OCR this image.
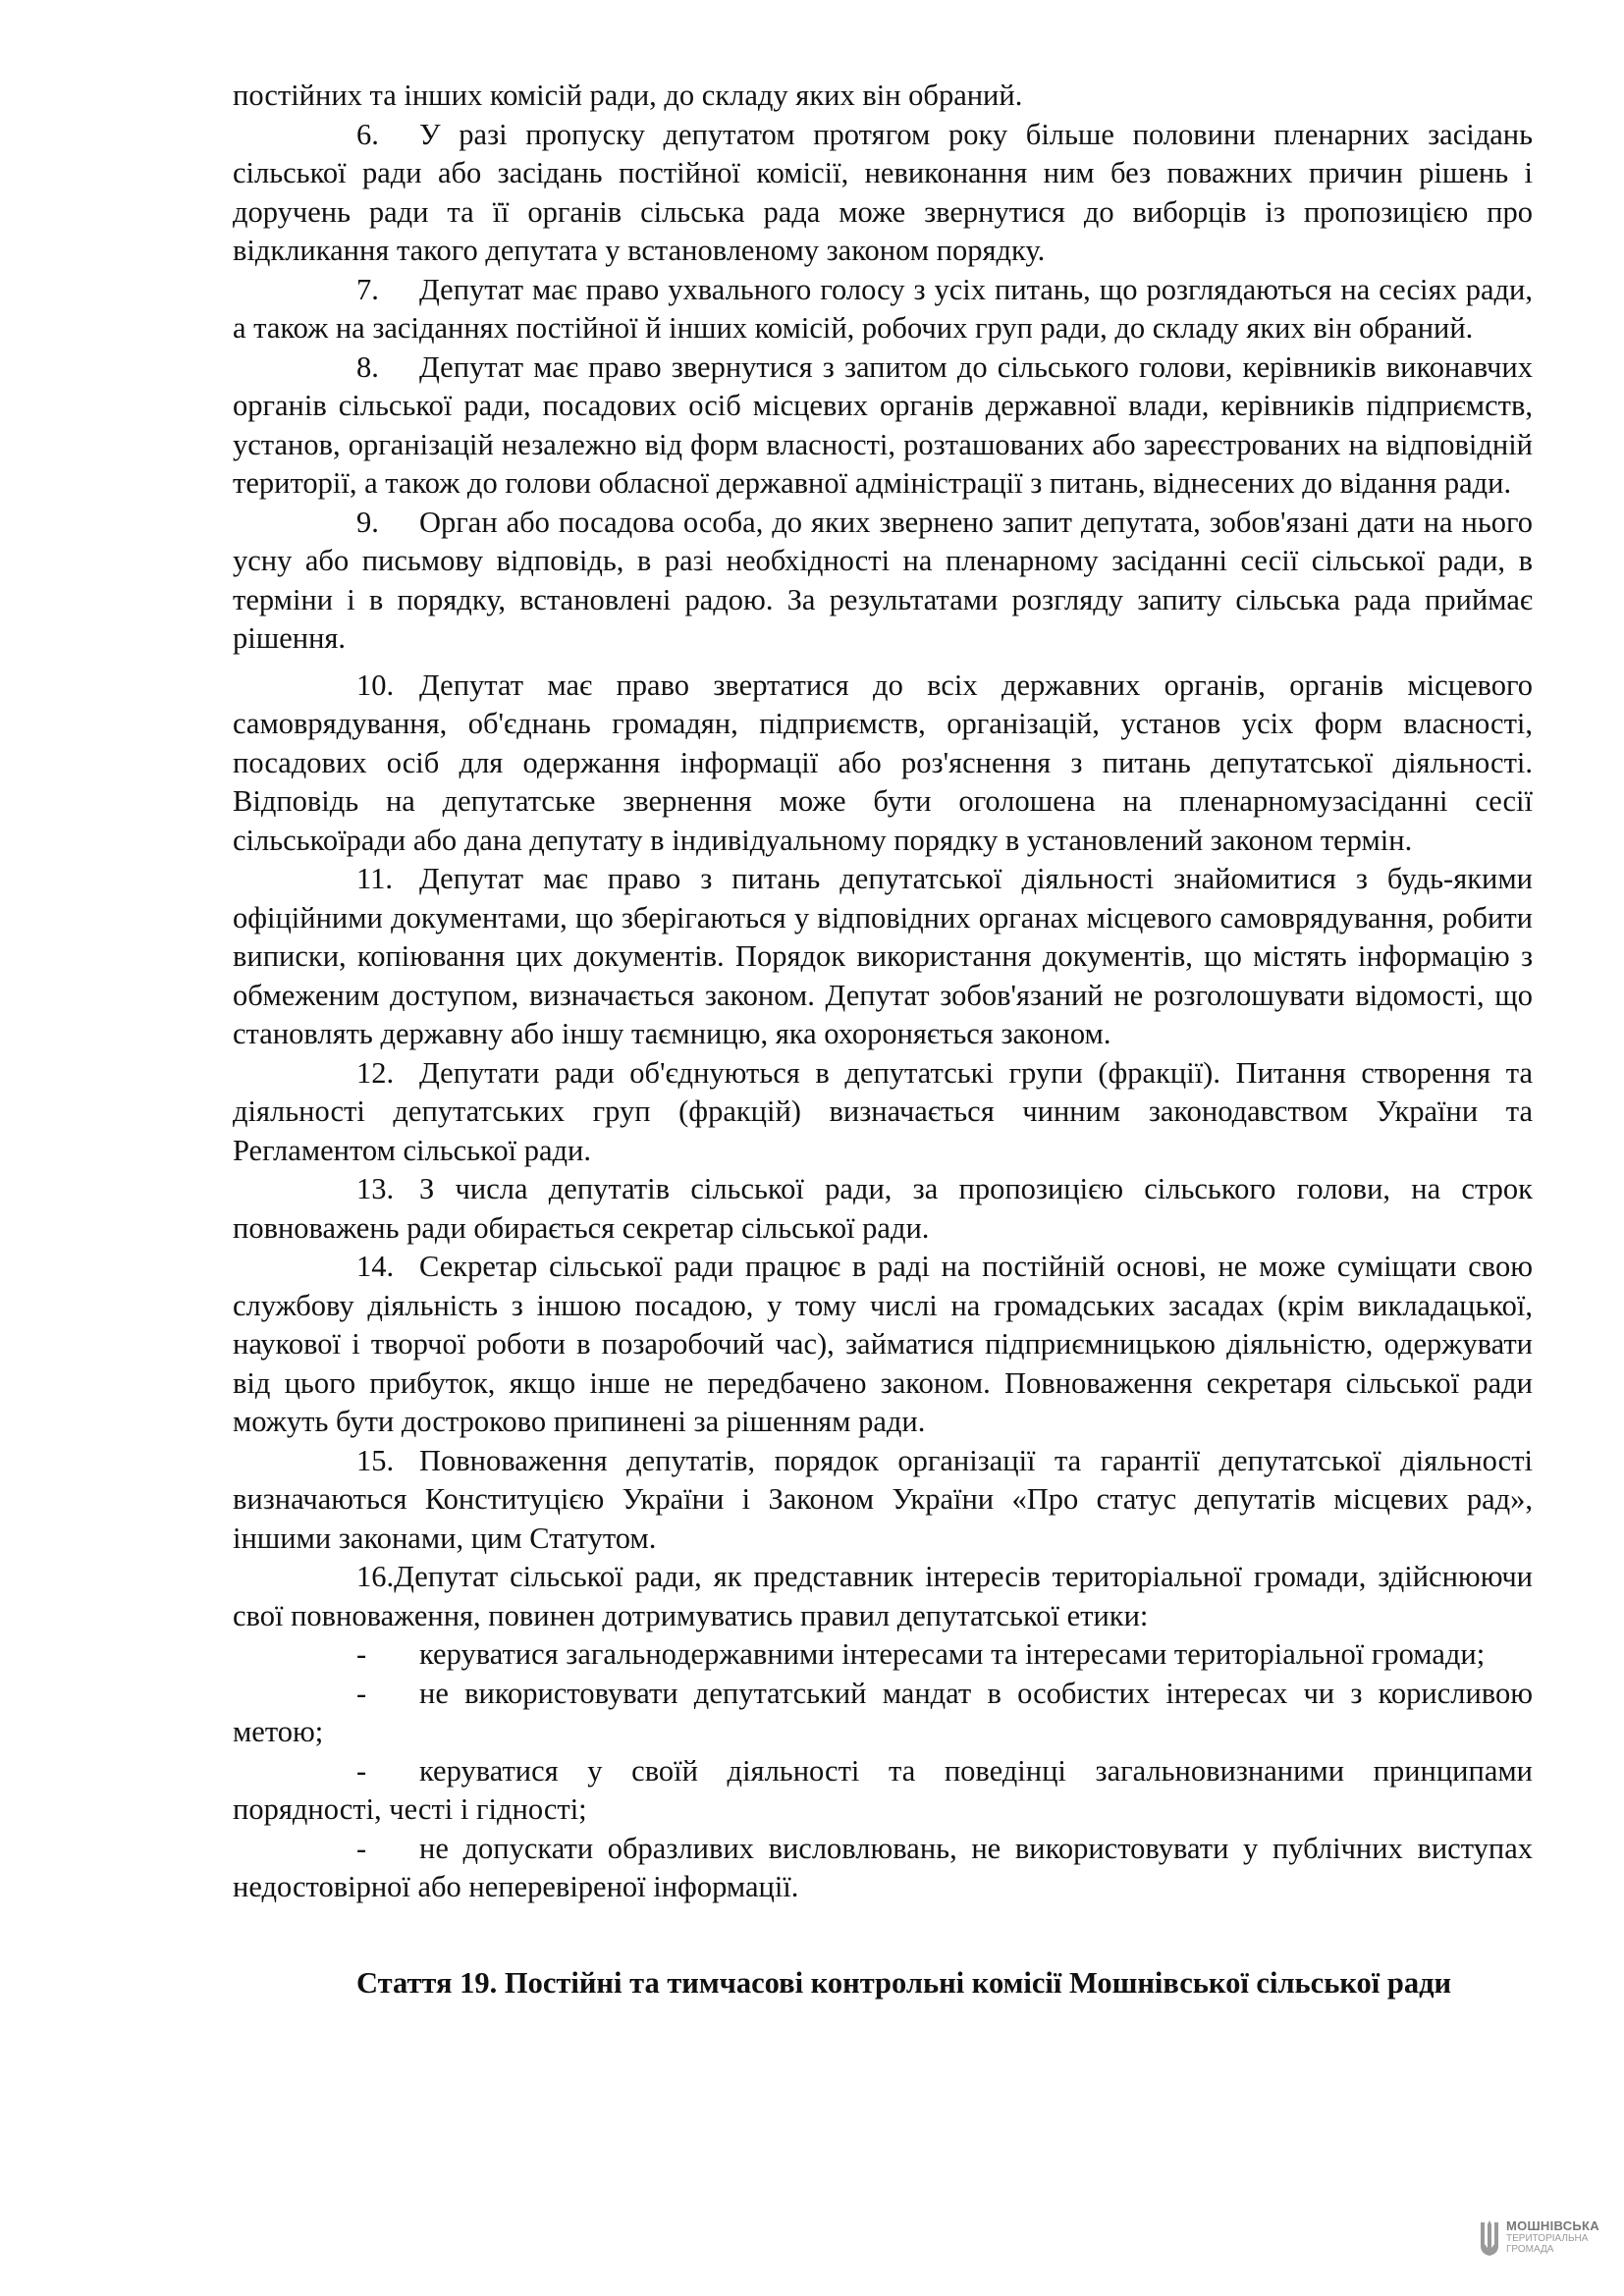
постійних та інших комісій ради, до складу яких він обраний.

6. У разі пропуску депутатом протягом року більше половини пленарних засідань сільської ради або засідань постійної комісії, невиконання ним без поважних причин рішень і доручень ради та її органів сільська рада може звернутися до виборців із пропозицією про відкликання такого депутата у встановленому законом порядку.
7. Депутат має право ухвального голосу з усіх питань, що розглядаються на сесіях ради, а також на засіданнях постійної й інших комісій, робочих груп ради, до складу яких він обраний.
8. Депутат має право звернутися з запитом до сільського голови, керівників виконавчих органів сільської ради, посадових осіб місцевих органів державної влади, керівників підприємств, установ, організацій незалежно від форм власності, розташованих або зареєстрованих на відповідній території, а також до голови обласної державної адміністрації з питань, віднесених до відання ради.
9. Орган або посадова особа, до яких звернено запит депутата, зобов'язані дати на нього усну або письмову відповідь, в разі необхідності на пленарному засіданні сесії сільської ради, в терміни і в порядку, встановлені радою. За результатами розгляду запиту сільська рада приймає рішення.
10. Депутат має право звертатися до всіх державних органів, органів місцевого самоврядування, об'єднань громадян, підприємств, організацій, установ усіх форм власності, посадових осіб для одержання інформації або роз'яснення з питань депутатської діяльності. Відповідь на депутатське звернення може бути оголошена на пленарномузасіданні сесії сільськоїради або дана депутату в індивідуальному порядку в установлений законом термін.
11. Депутат має право з питань депутатської діяльності знайомитися з будь-якими офіційними документами, що зберігаються у відповідних органах місцевого самоврядування, робити виписки, копіювання цих документів. Порядок використання документів, що містять інформацію з обмеженим доступом, визначається законом. Депутат зобов'язаний не розголошувати відомості, що становлять державну або іншу таємницю, яка охороняється законом.
12. Депутати ради об'єднуються в депутатські групи (фракції). Питання створення та діяльності депутатських груп (фракцій) визначається чинним законодавством України та Регламентом сільської ради.
13. З числа депутатів сільської ради, за пропозицією сільського голови, на строк повноважень ради обирається секретар сільської ради.
14. Секретар сільської ради працює в раді на постійній основі, не може суміщати свою службову діяльність з іншою посадою, у тому числі на громадських засадах (крім викладацької, наукової і творчої роботи в позаробочий час), займатися підприємницькою діяльністю, одержувати від цього прибуток, якщо інше не передбачено законом. Повноваження секретаря сільської ради можуть бути достроково припинені за рішенням ради.
15. Повноваження депутатів, порядок організації та гарантії депутатської діяльності визначаються Конституцією України і Законом України «Про статус депутатів місцевих рад», іншими законами, цим Статутом.

16.Депутат сільської ради, як представник інтересів територіальної громади, здійснюючи свої повноваження, повинен дотримуватись правил депутатської етики:

- керуватися загальнодержавними інтересами та інтересами територіальної громади;
- не використовувати депутатський мандат в особистих інтересах чи з корисливою метою;
- керуватися у своїй діяльності та поведінці загальновизнаними принципами порядності, честі і гідності;
- не допускати образливих висловлювань, не використовувати у публічних виступах недостовірної або неперевіреної інформації.

Стаття 19. Постійні та тимчасові контрольні комісії Мошнівської сільської ради

МОШНІВСЬКА
ТЕРИТОРІАЛЬНА
ГРОМАДА
